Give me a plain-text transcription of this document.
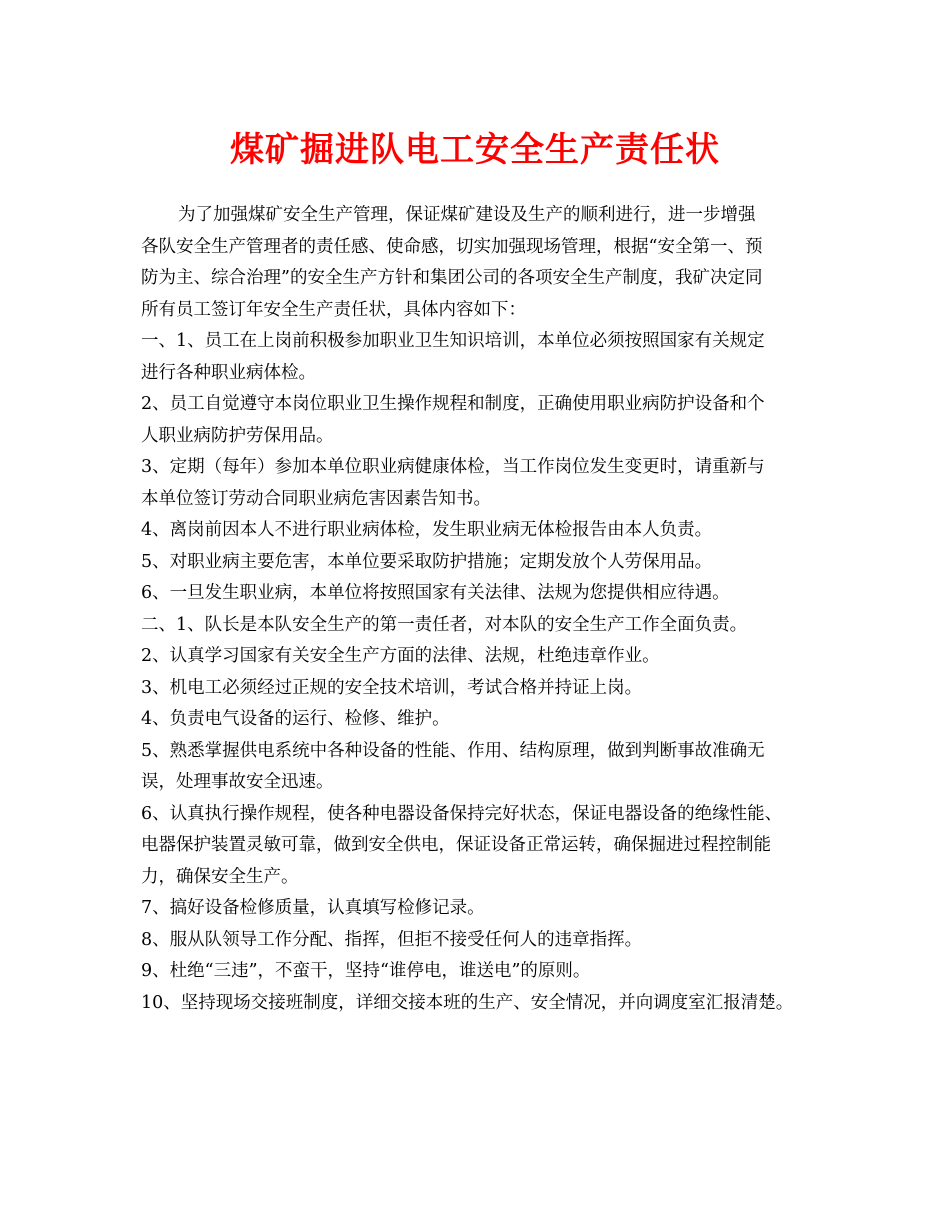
煤矿掘进队电工安全生产责任状

为了加强煤矿安全生产管理，保证煤矿建设及生产的顺利进行，进一步增强

各队安全生产管理者的责任感、使命感，切实加强现场管理，根据“安全第一、预

防为主、综合治理”的安全生产方针和集团公司的各项安全生产制度，我矿决定同

所有员工签订年安全生产责任状，具体内容如下：

一、1、员工在上岗前积极参加职业卫生知识培训，本单位必须按照国家有关规定

进行各种职业病体检。

2、员工自觉遵守本岗位职业卫生操作规程和制度，正确使用职业病防护设备和个

人职业病防护劳保用品。

3、定期（每年）参加本单位职业病健康体检，当工作岗位发生变更时，请重新与

本单位签订劳动合同职业病危害因素告知书。

4、离岗前因本人不进行职业病体检，发生职业病无体检报告由本人负责。

5、对职业病主要危害，本单位要采取防护措施；定期发放个人劳保用品。

6、一旦发生职业病，本单位将按照国家有关法律、法规为您提供相应待遇。

二、1、队长是本队安全生产的第一责任者，对本队的安全生产工作全面负责。

2、认真学习国家有关安全生产方面的法律、法规，杜绝违章作业。

3、机电工必须经过正规的安全技术培训，考试合格并持证上岗。

4、负责电气设备的运行、检修、维护。

5、熟悉掌握供电系统中各种设备的性能、作用、结构原理，做到判断事故准确无

误，处理事故安全迅速。

6、认真执行操作规程，使各种电器设备保持完好状态，保证电器设备的绝缘性能、

电器保护装置灵敏可靠，做到安全供电，保证设备正常运转，确保掘进过程控制能

力，确保安全生产。

7、搞好设备检修质量，认真填写检修记录。

8、服从队领导工作分配、指挥，但拒不接受任何人的违章指挥。

9、杜绝“三违”，不蛮干，坚持“谁停电，谁送电”的原则。

10、坚持现场交接班制度，详细交接本班的生产、安全情况，并向调度室汇报清楚。
